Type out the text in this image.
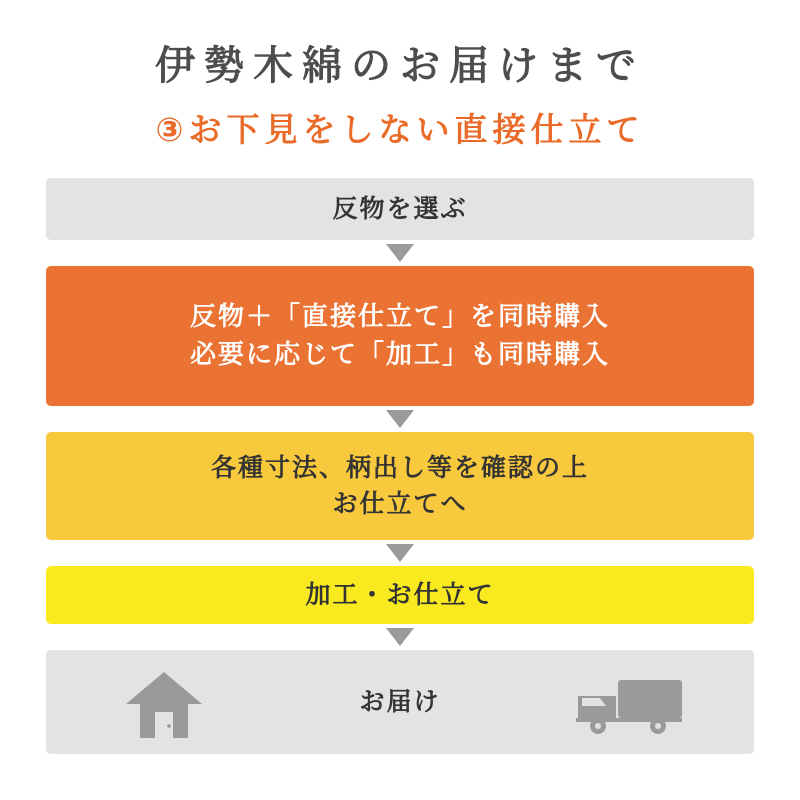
伊勢木綿のお届けまで
③お下見をしない直接仕立て
反物を選ぶ
反物＋「直接仕立て」を同時購入
必要に応じて「加工」も同時購入
各種寸法、柄出し等を確認の上
お仕立てへ
加工・お仕立て
お届け
